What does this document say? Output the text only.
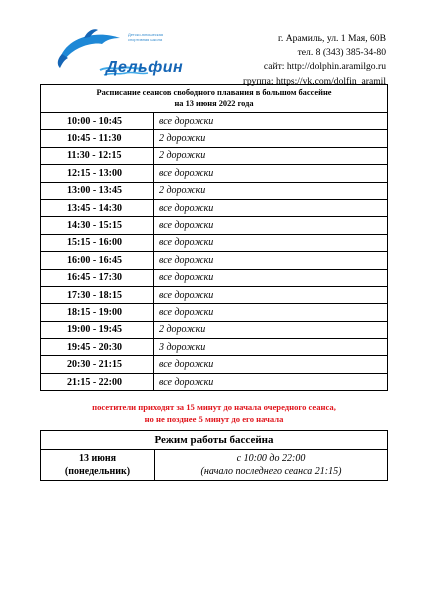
Детско-юношеская спортивная школа
Дельфин
г. Арамиль, ул. 1 Мая, 60В
тел. 8 (343) 385-34-80
сайт: http://dolphin.aramilgo.ru
группа: https://vk.com/dolfin_aramil
Расписание сеансов свободного плавания в большом бассейне
на 13 июня 2022 года	

10:00 - 10:45	все дорожки
10:45 - 11:30	2 дорожки
11:30 - 12:15	2 дорожки
12:15 - 13:00	все дорожки
13:00 - 13:45	2 дорожки
13:45 - 14:30	все дорожки
14:30 - 15:15	все дорожки
15:15 - 16:00	все дорожки
16:00 - 16:45	все дорожки
16:45 - 17:30	все дорожки
17:30 - 18:15	все дорожки
18:15 - 19:00	все дорожки
19:00 - 19:45	2 дорожки
19:45 - 20:30	3 дорожки
20:30 - 21:15	все дорожки
21:15 - 22:00	все дорожки
посетители приходят за 15 минут до начала очередного сеанса,
но не позднее 5 минут до его начала
Режим работы бассейна

13 июня
(понедельник)

с 10:00 до 22:00
(начало последнего сеанса 21:15)
